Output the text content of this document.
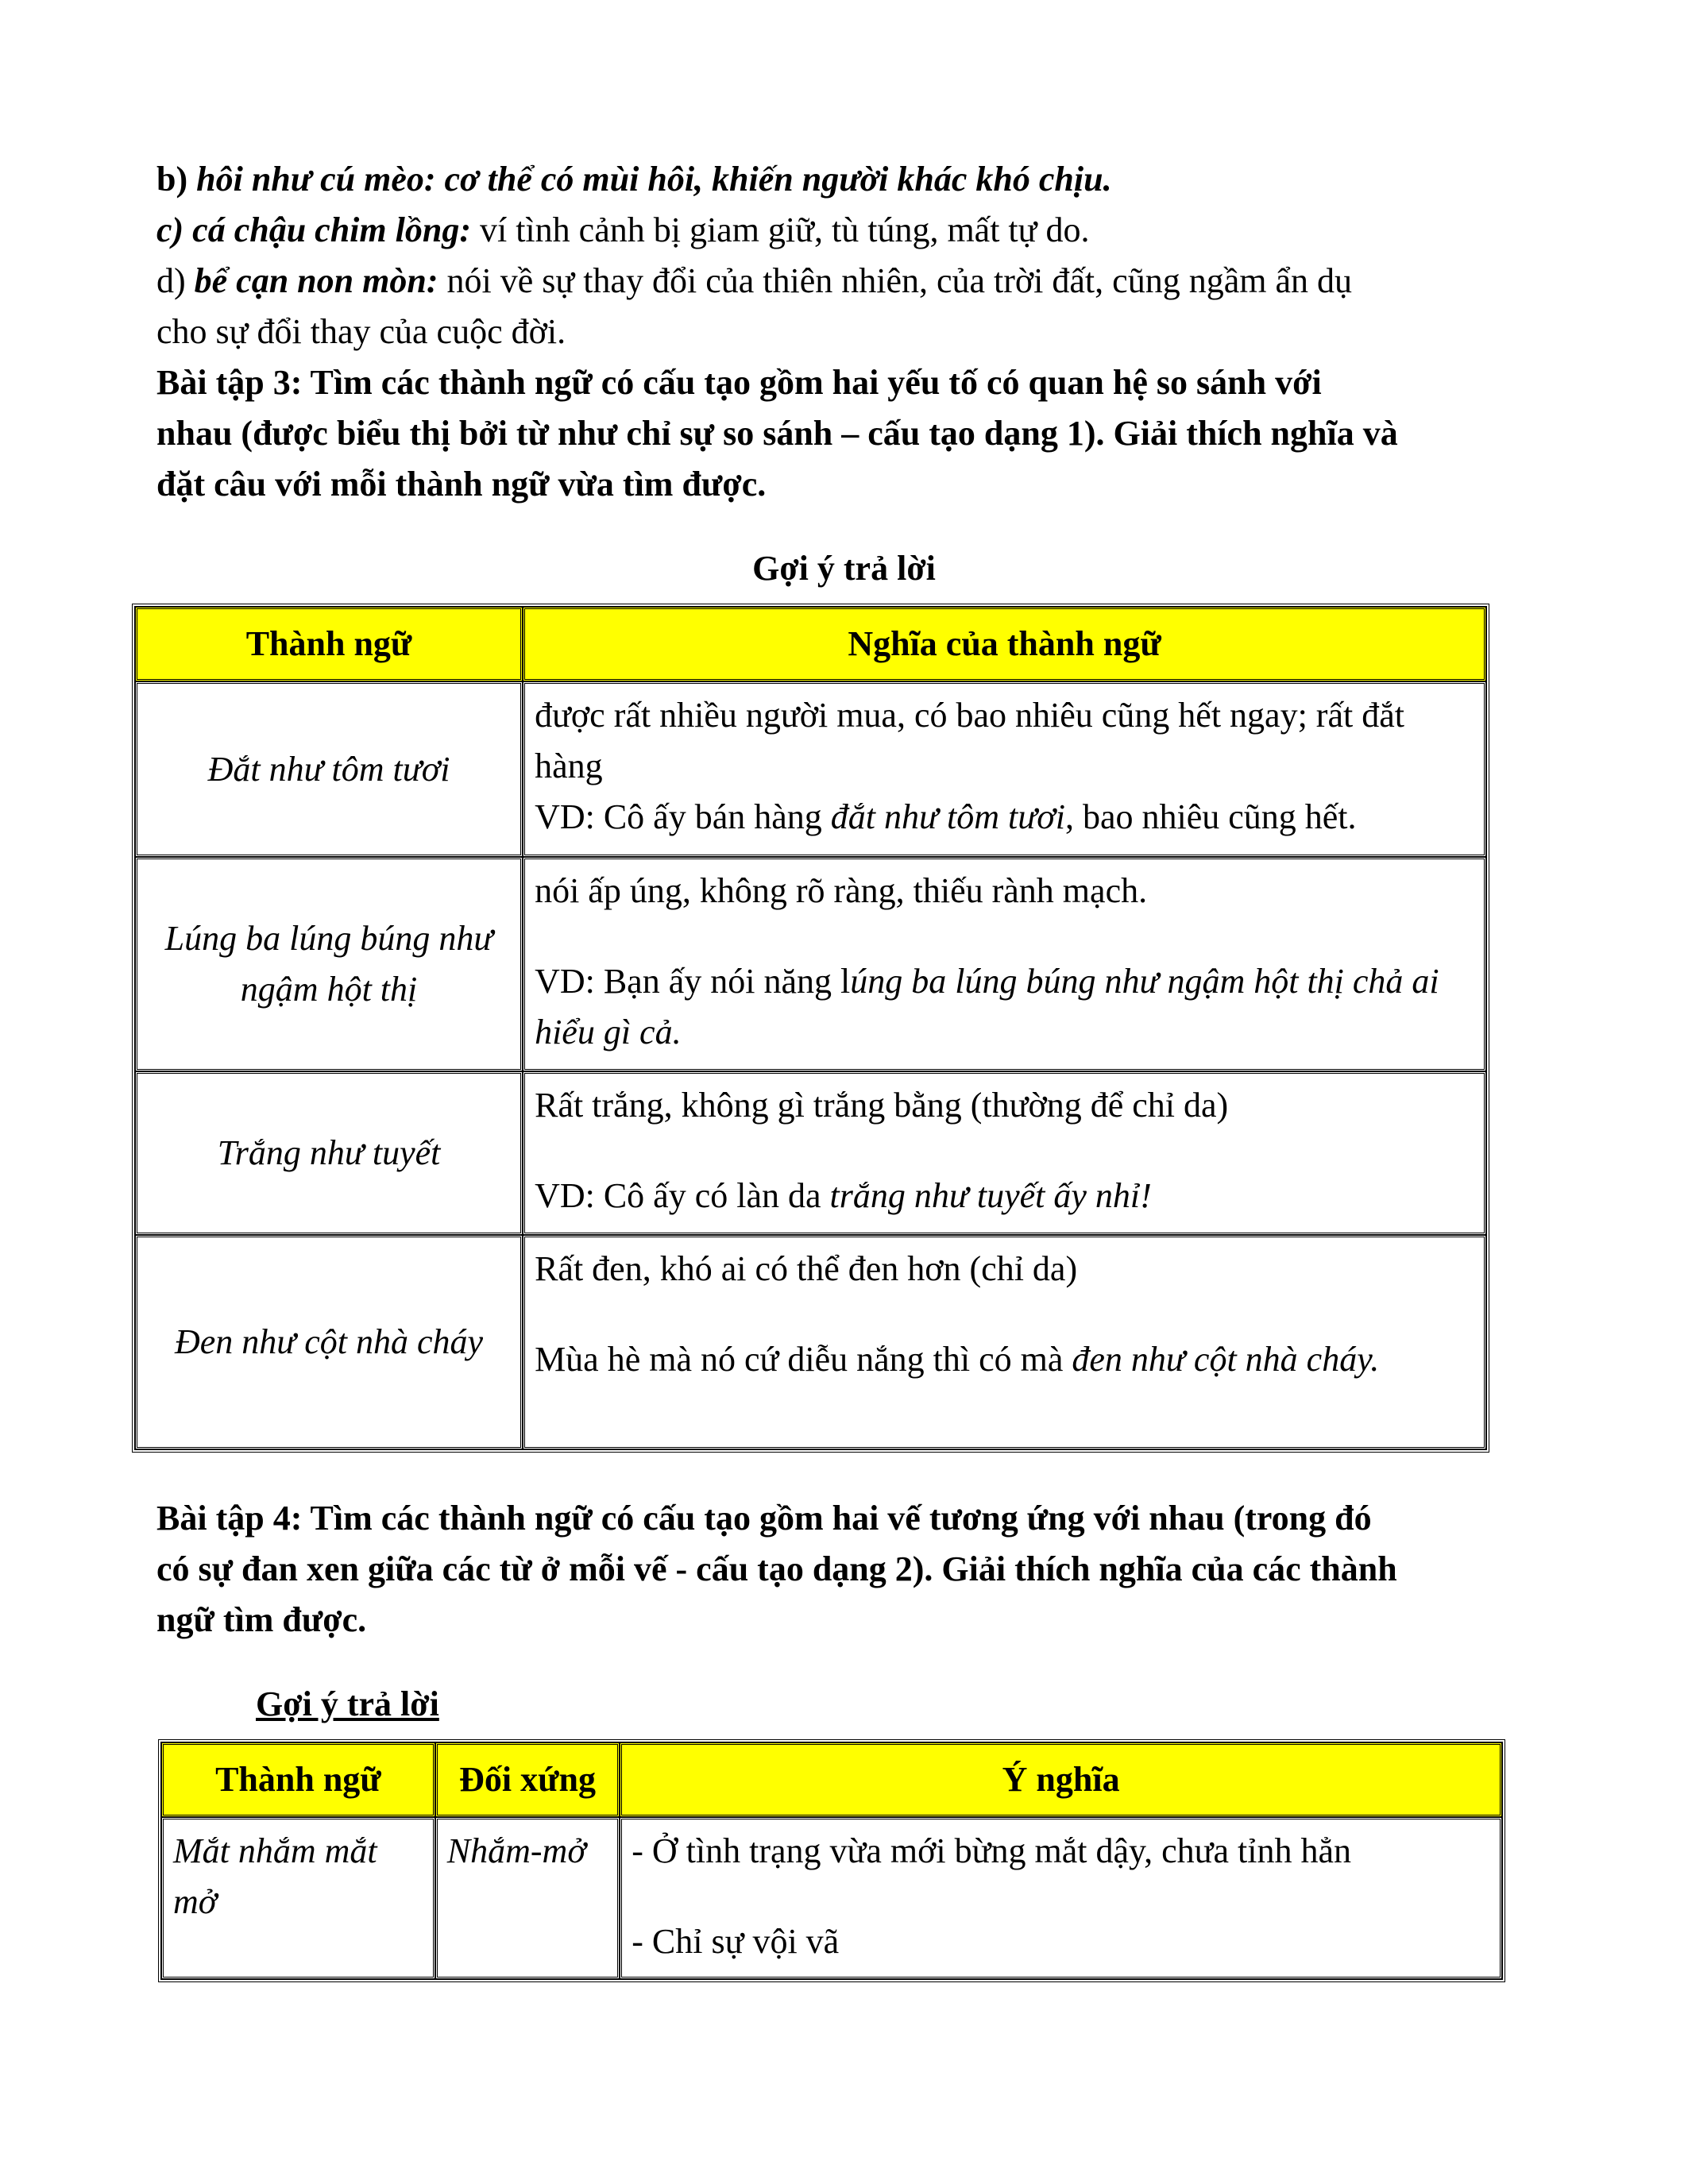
b) hôi như cú mèo: cơ thể có mùi hôi, khiến người khác khó chịu.

c) cá chậu chim lồng: ví tình cảnh bị giam giữ, tù túng, mất tự do.

d) bể cạn non mòn: nói về sự thay đổi của thiên nhiên, của trời đất, cũng ngầm ẩn dụ
cho sự đổi thay của cuộc đời.

Bài tập 3: Tìm các thành ngữ có cấu tạo gồm hai yếu tố có quan hệ so sánh với
nhau (được biểu thị bởi từ như chỉ sự so sánh – cấu tạo dạng 1). Giải thích nghĩa và
đặt câu với mỗi thành ngữ vừa tìm được.

Gợi ý trả lời
Thành ngữ	Nghĩa của thành ngữ
Đắt như tôm tươi	được rất nhiều người mua, có bao nhiêu cũng hết ngay; rất đắt hàng
VD: Cô ấy bán hàng đắt như tôm tươi, bao nhiêu cũng hết.
Lúng ba lúng búng như ngậm hột thị	nói ấp úng, không rõ ràng, thiếu rành mạch.
VD: Bạn ấy nói năng lúng ba lúng búng như ngậm hột thị chả ai hiểu gì cả.
Trắng như tuyết	Rất trắng, không gì trắng bằng (thường để chỉ da)
VD: Cô ấy có làn da trắng như tuyết ấy nhỉ!
Đen như cột nhà cháy	Rất đen, khó ai có thể đen hơn (chỉ da)
Mùa hè mà nó cứ diễu nắng thì có mà đen như cột nhà cháy.

Bài tập 4: Tìm các thành ngữ có cấu tạo gồm hai vế tương ứng với nhau (trong đó
có sự đan xen giữa các từ ở mỗi vế - cấu tạo dạng 2). Giải thích nghĩa của các thành
ngữ tìm được.

Gợi ý trả lời
Thành ngữ	Đối xứng	Ý nghĩa
Mắt nhắm mắt mở	Nhắm-mở	- Ở tình trạng vừa mới bừng mắt dậy, chưa tỉnh hẳn
- Chỉ sự vội vã
